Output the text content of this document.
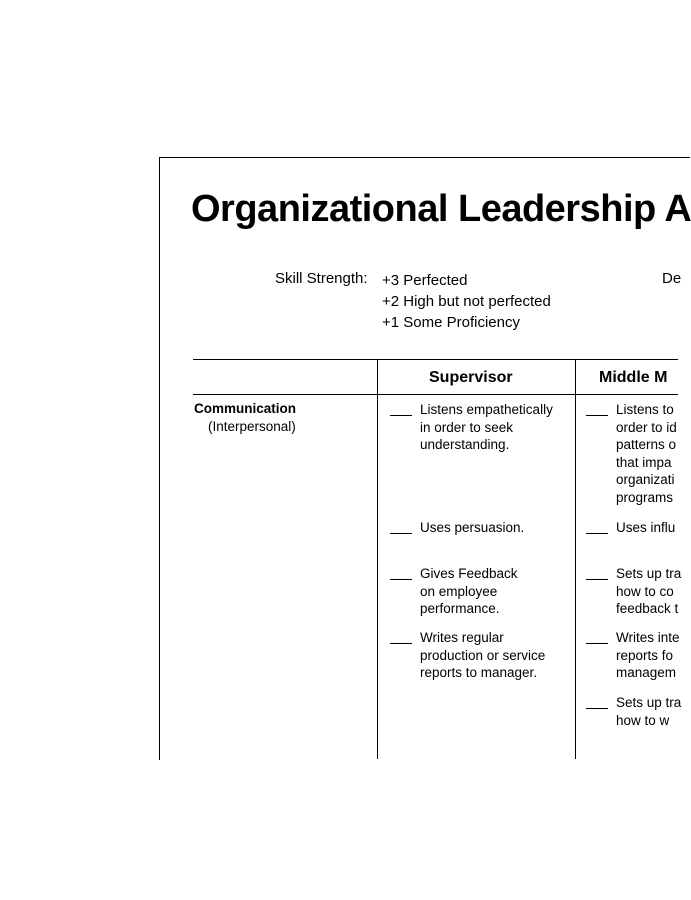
Organizational Leadership A
Skill Strength: +3 Perfected
+2 High but not perfected
+1 Some Proficiency
De
Supervisor	Middle M
Communication
(Interpersonal)
Listens empathetically
in order to seek
understanding.
Uses persuasion.
Gives Feedback
on employee
performance.
Writes regular
production or service
reports to manager.
Listens to
order to id
patterns o
that impa
organizati
programs
Uses influ
Sets up tra
how to co
feedback t
Writes inte
reports fo
managem
Sets up tra
how to w
